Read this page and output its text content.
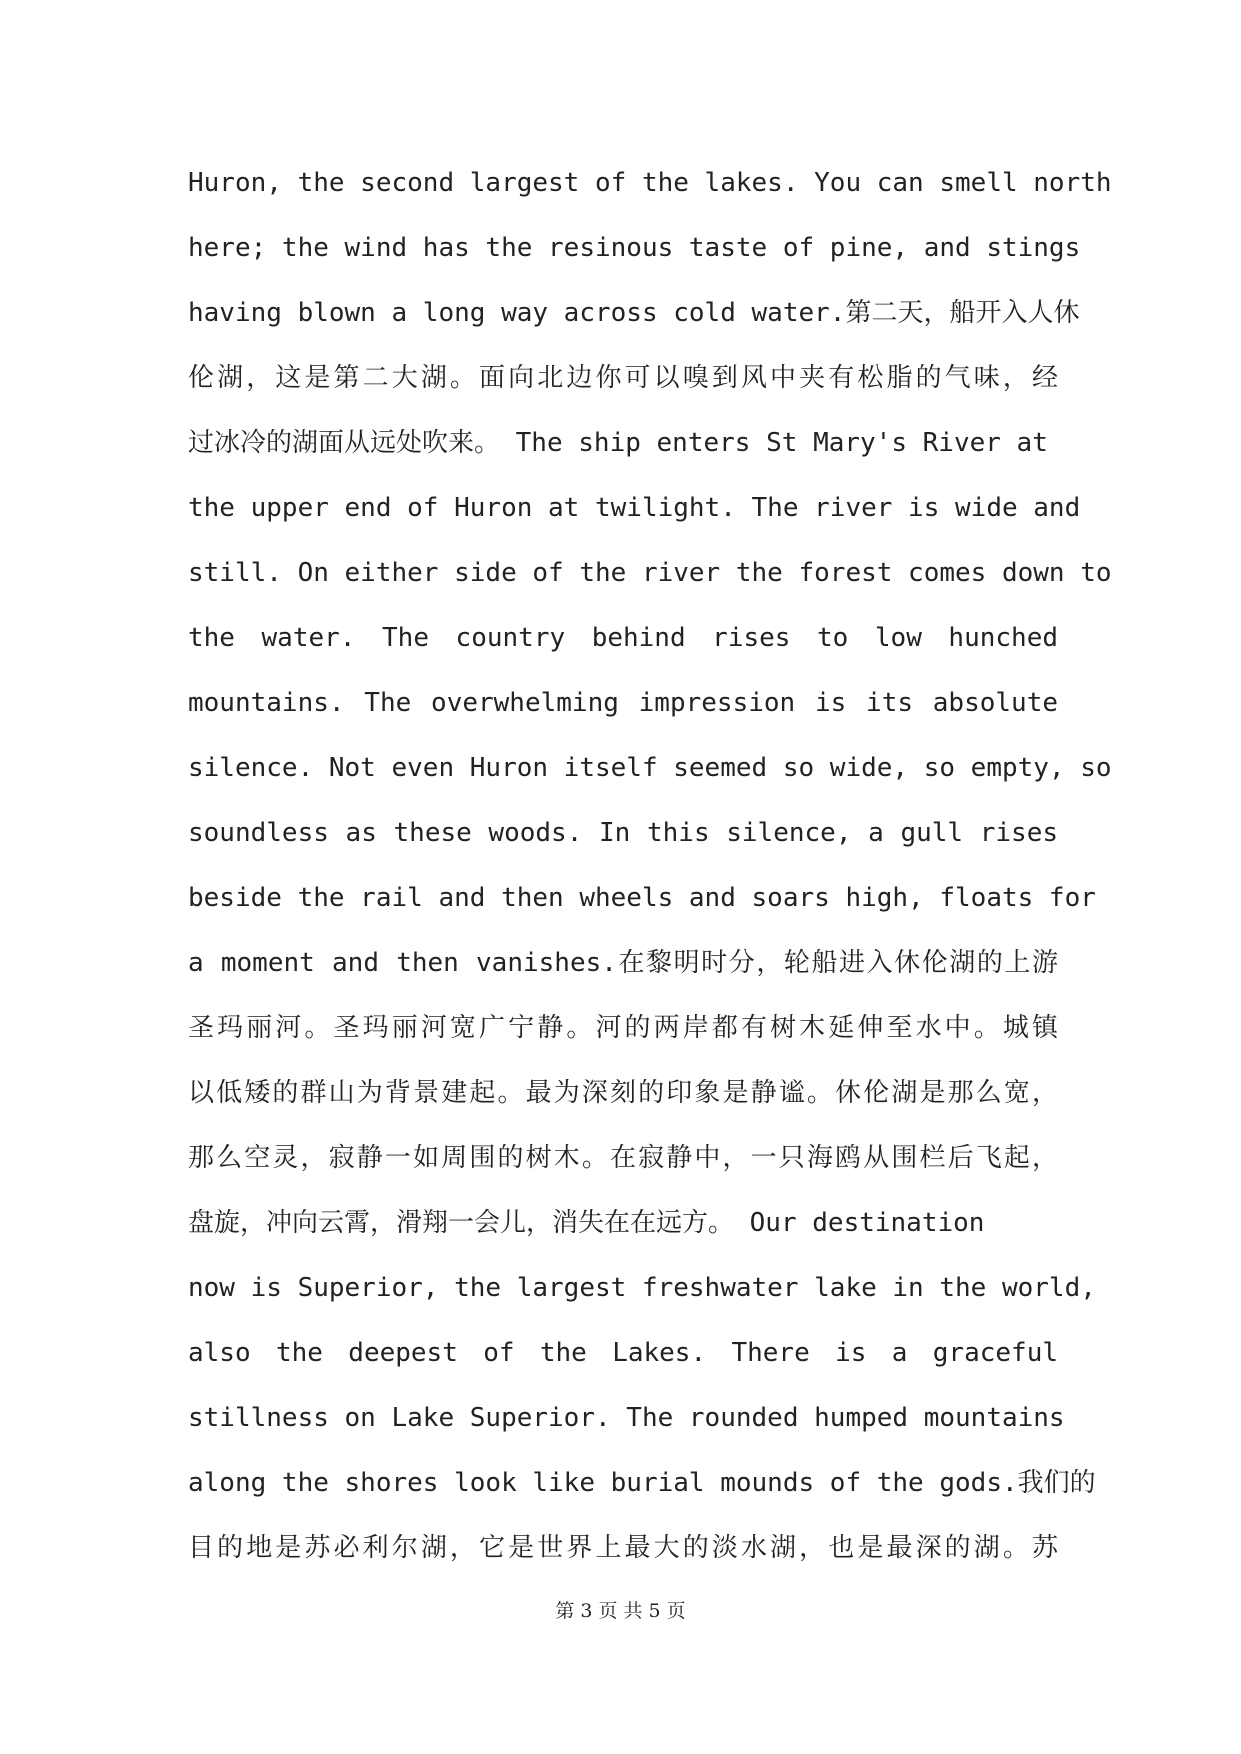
Huron, the second largest of the lakes. You can smell north
here; the wind has the resinous taste of pine, and stings
having blown a long way across cold water.第二天，船开入人休
伦湖，这是第二大湖。面向北边你可以嗅到风中夹有松脂的气味，经
过冰冷的湖面从远处吹来。 The ship enters St Mary's River at
the upper end of Huron at twilight. The river is wide and
still. On either side of the river the forest comes down to
the water. The country behind rises to low hunched
mountains. The overwhelming impression is its absolute
silence. Not even Huron itself seemed so wide, so empty, so
soundless as these woods. In this silence, a gull rises
beside the rail and then wheels and soars high, floats for
a moment and then vanishes.在黎明时分，轮船进入休伦湖的上游
圣玛丽河。圣玛丽河宽广宁静。河的两岸都有树木延伸至水中。城镇
以低矮的群山为背景建起。最为深刻的印象是静谧。休伦湖是那么宽，
那么空灵，寂静一如周围的树木。在寂静中，一只海鸥从围栏后飞起，
盘旋，冲向云霄，滑翔一会儿，消失在在远方。 Our destination
now is Superior, the largest freshwater lake in the world,
also the deepest of the Lakes. There is a graceful
stillness on Lake Superior. The rounded humped mountains
along the shores look like burial mounds of the gods.我们的
目的地是苏必利尔湖，它是世界上最大的淡水湖，也是最深的湖。苏
第 3 页 共 5 页
